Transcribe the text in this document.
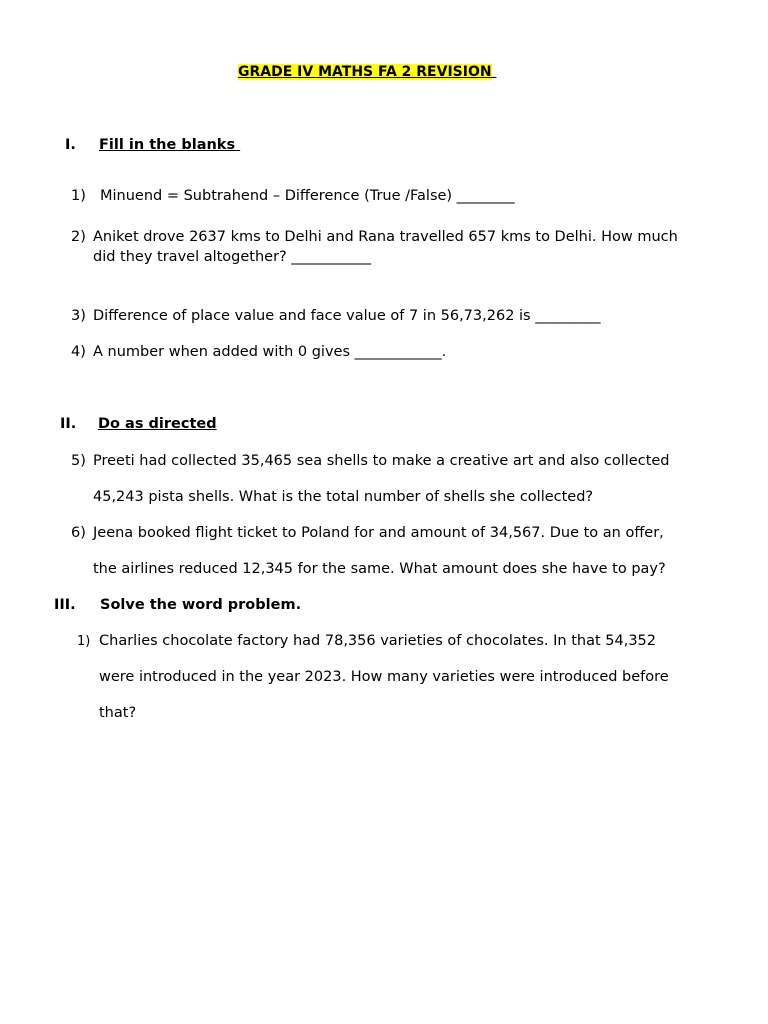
GRADE IV MATHS FA 2 REVISION
I. Fill in the blanks
1) Minuend = Subtrahend – Difference (True /False) ________
2) Aniket drove 2637 kms to Delhi and Rana travelled 657 kms to Delhi. How much
did they travel altogether? ___________
3) Difference of place value and face value of 7 in 56,73,262 is _________
4) A number when added with 0 gives ____________.
II. Do as directed
5) Preeti had collected 35,465 sea shells to make a creative art and also collected
45,243 pista shells. What is the total number of shells she collected?
6) Jeena booked flight ticket to Poland for and amount of 34,567. Due to an offer,
the airlines reduced 12,345 for the same. What amount does she have to pay?
III. Solve the word problem.
1) Charlies chocolate factory had 78,356 varieties of chocolates. In that 54,352
were introduced in the year 2023. How many varieties were introduced before
that?
